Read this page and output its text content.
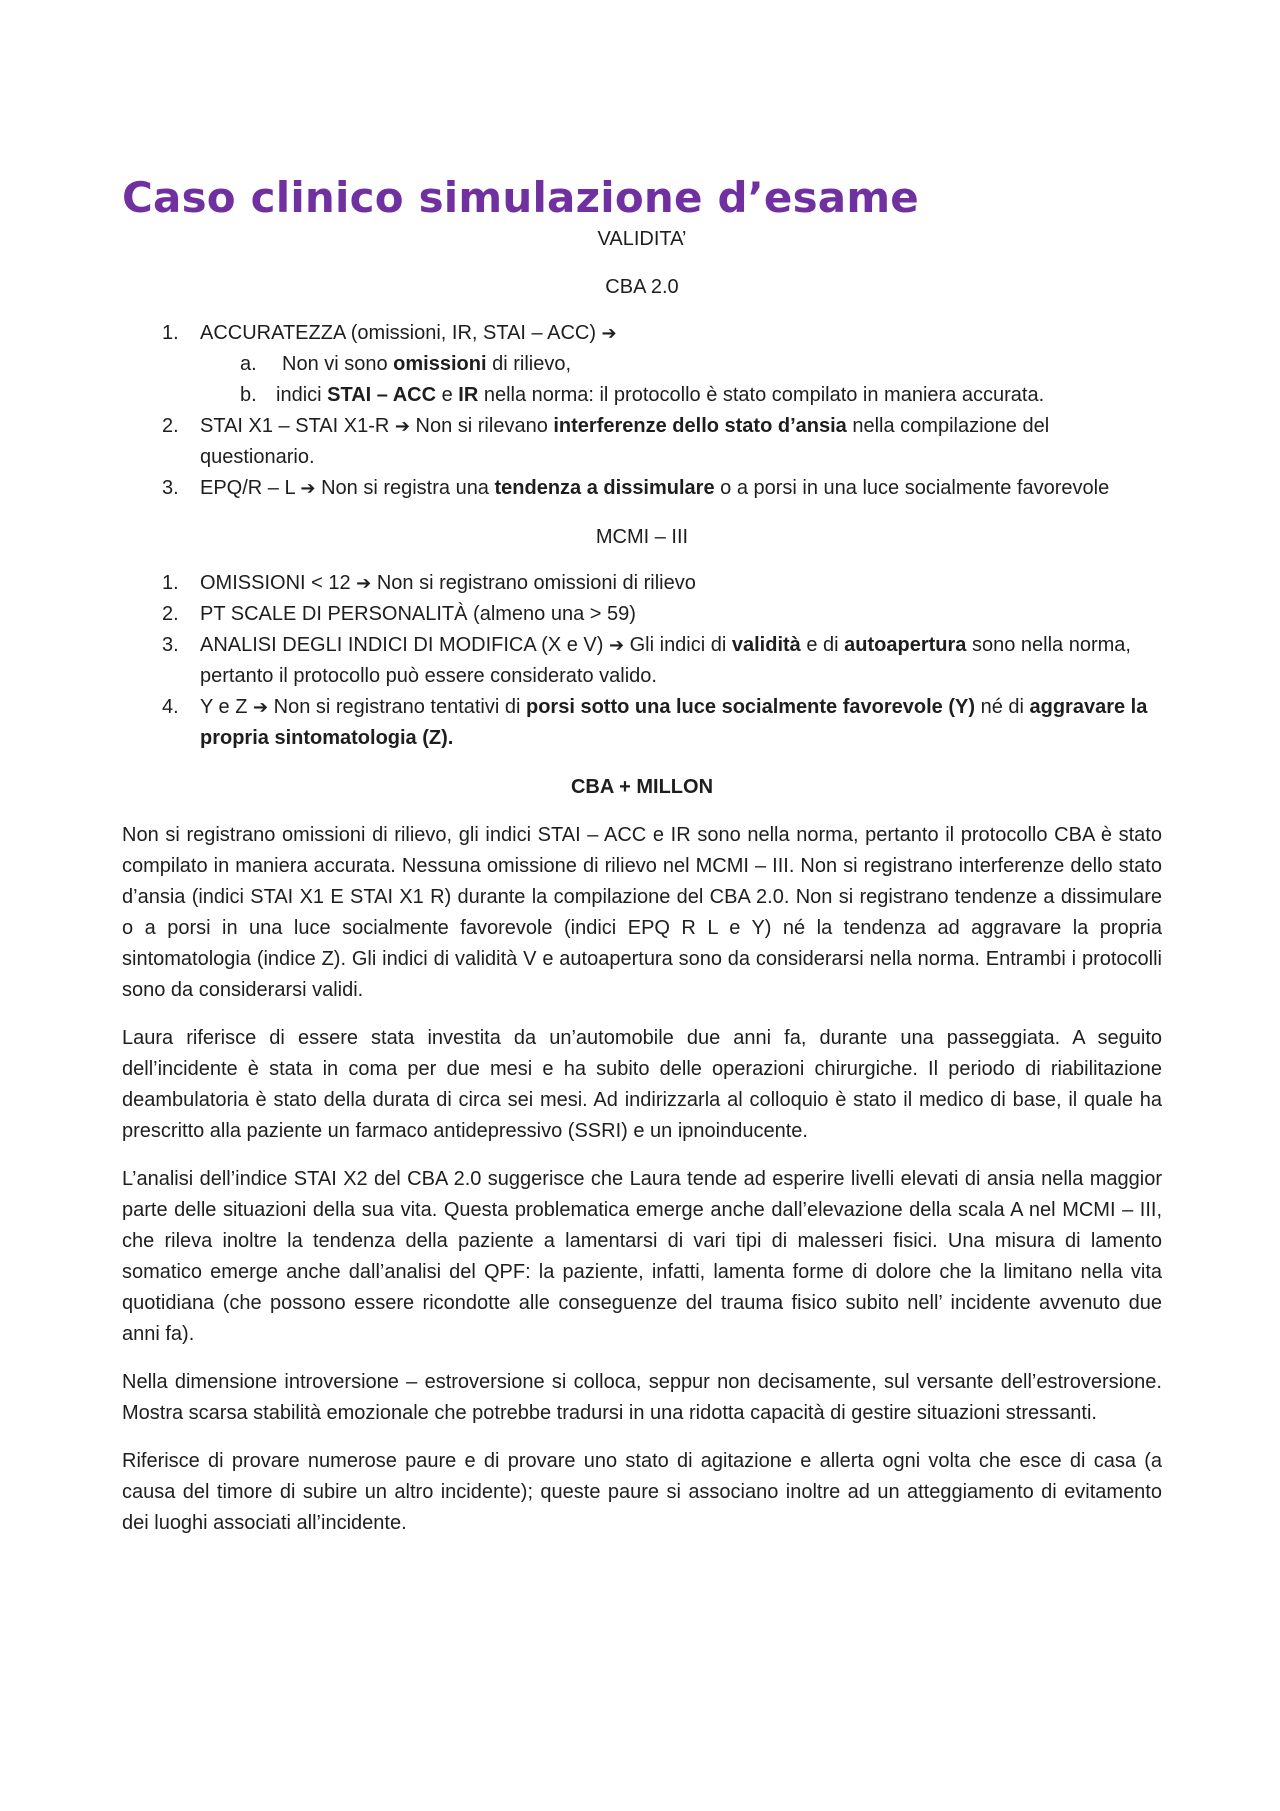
Caso clinico simulazione d’esame

VALIDITA’

CBA 2.0

1.	ACCURATEZZA (omissioni, IR, STAI – ACC) ➔
a. Non vi sono omissioni di rilievo,
b. indici STAI – ACC e IR nella norma: il protocollo è stato compilato in maniera accurata.
2.	STAI X1 – STAI X1-R ➔ Non si rilevano interferenze dello stato d’ansia nella compilazione del questionario.
3.	EPQ/R – L ➔ Non si registra una tendenza a dissimulare o a porsi in una luce socialmente favorevole

MCMI – III

1.	OMISSIONI < 12 ➔ Non si registrano omissioni di rilievo
2.	PT SCALE DI PERSONALITÀ (almeno una > 59)
3.	ANALISI DEGLI INDICI DI MODIFICA (X e V) ➔ Gli indici di validità e di autoapertura sono nella norma, pertanto il protocollo può essere considerato valido.
4.	Y e Z ➔ Non si registrano tentativi di porsi sotto una luce socialmente favorevole (Y) né di aggravare la propria sintomatologia (Z).

CBA + MILLON

Non si registrano omissioni di rilievo, gli indici STAI – ACC e IR sono nella norma, pertanto il protocollo CBA è stato compilato in maniera accurata. Nessuna omissione di rilievo nel MCMI – III. Non si registrano interferenze dello stato d’ansia (indici STAI X1 E STAI X1 R) durante la compilazione del CBA 2.0. Non si registrano tendenze a dissimulare o a porsi in una luce socialmente favorevole (indici EPQ R L e Y) né la tendenza ad aggravare la propria sintomatologia (indice Z). Gli indici di validità V e autoapertura sono da considerarsi nella norma. Entrambi i protocolli sono da considerarsi validi.

Laura riferisce di essere stata investita da un’automobile due anni fa, durante una passeggiata. A seguito dell’incidente è stata in coma per due mesi e ha subito delle operazioni chirurgiche. Il periodo di riabilitazione deambulatoria è stato della durata di circa sei mesi. Ad indirizzarla al colloquio è stato il medico di base, il quale ha prescritto alla paziente un farmaco antidepressivo (SSRI) e un ipnoinducente.

L’analisi dell’indice STAI X2 del CBA 2.0 suggerisce che Laura tende ad esperire livelli elevati di ansia nella maggior parte delle situazioni della sua vita. Questa problematica emerge anche dall’elevazione della scala A nel MCMI – III, che rileva inoltre la tendenza della paziente a lamentarsi di vari tipi di malesseri fisici. Una misura di lamento somatico emerge anche dall’analisi del QPF: la paziente, infatti, lamenta forme di dolore che la limitano nella vita quotidiana (che possono essere ricondotte alle conseguenze del trauma fisico subito nell’ incidente avvenuto due anni fa).

Nella dimensione introversione – estroversione si colloca, seppur non decisamente, sul versante dell’estroversione. Mostra scarsa stabilità emozionale che potrebbe tradursi in una ridotta capacità di gestire situazioni stressanti.

Riferisce di provare numerose paure e di provare uno stato di agitazione e allerta ogni volta che esce di casa (a causa del timore di subire un altro incidente); queste paure si associano inoltre ad un atteggiamento di evitamento dei luoghi associati all’incidente.
